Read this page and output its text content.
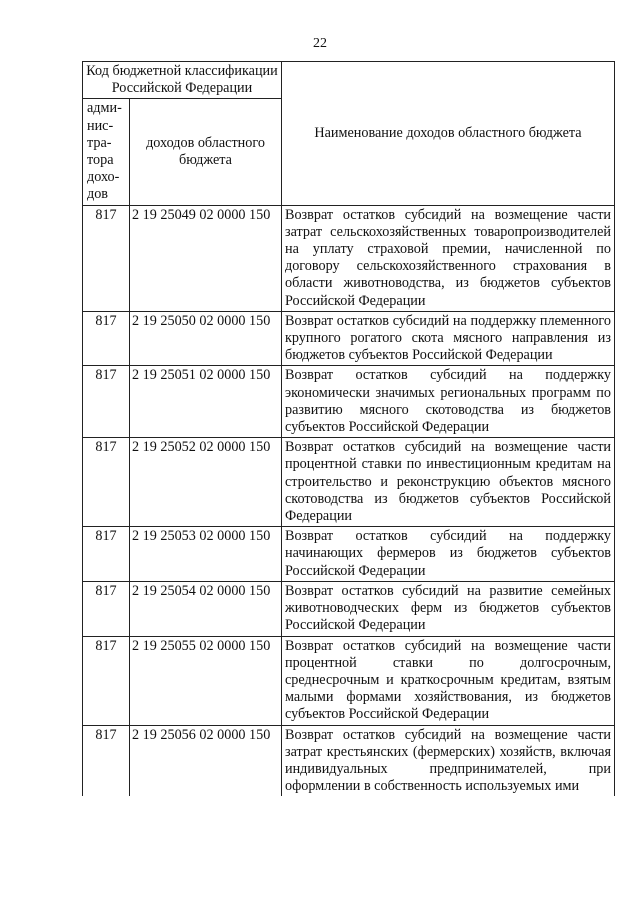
22
Код бюджетной классификации Российской Федерации		Наименование доходов областного бюджета
адми-нис-тра-тора дохо-дов	доходов областного бюджета	
817	2 19 25049 02 0000 150	Возврат остатков субсидий на возмещение части затрат сельскохозяйственных товаропроизводителей на уплату страховой премии, начисленной по договору сельскохозяйственного страхования в области животноводства, из бюджетов субъектов Российской Федерации
817	2 19 25050 02 0000 150	Возврат остатков субсидий на поддержку племенного крупного рогатого скота мясного направления из бюджетов субъектов Российской Федерации
817	2 19 25051 02 0000 150	Возврат остатков субсидий на поддержку экономически значимых региональных программ по развитию мясного скотоводства из бюджетов субъектов Российской Федерации
817	2 19 25052 02 0000 150	Возврат остатков субсидий на возмещение части процентной ставки по инвестиционным кредитам на строительство и реконструкцию объектов мясного скотоводства из бюджетов субъектов Российской Федерации
817	2 19 25053 02 0000 150	Возврат остатков субсидий на поддержку начинающих фермеров из бюджетов субъектов Российской Федерации
817	2 19 25054 02 0000 150	Возврат остатков субсидий на развитие семейных животноводческих ферм из бюджетов субъектов Российской Федерации
817	2 19 25055 02 0000 150	Возврат остатков субсидий на возмещение части процентной ставки по долгосрочным, среднесрочным и краткосрочным кредитам, взятым малыми формами хозяйствования, из бюджетов субъектов Российской Федерации
817	2 19 25056 02 0000 150	Возврат остатков субсидий на возмещение части затрат крестьянских (фермерских) хозяйств, включая индивидуальных предпринимателей, при оформлении в собственность используемых ими
